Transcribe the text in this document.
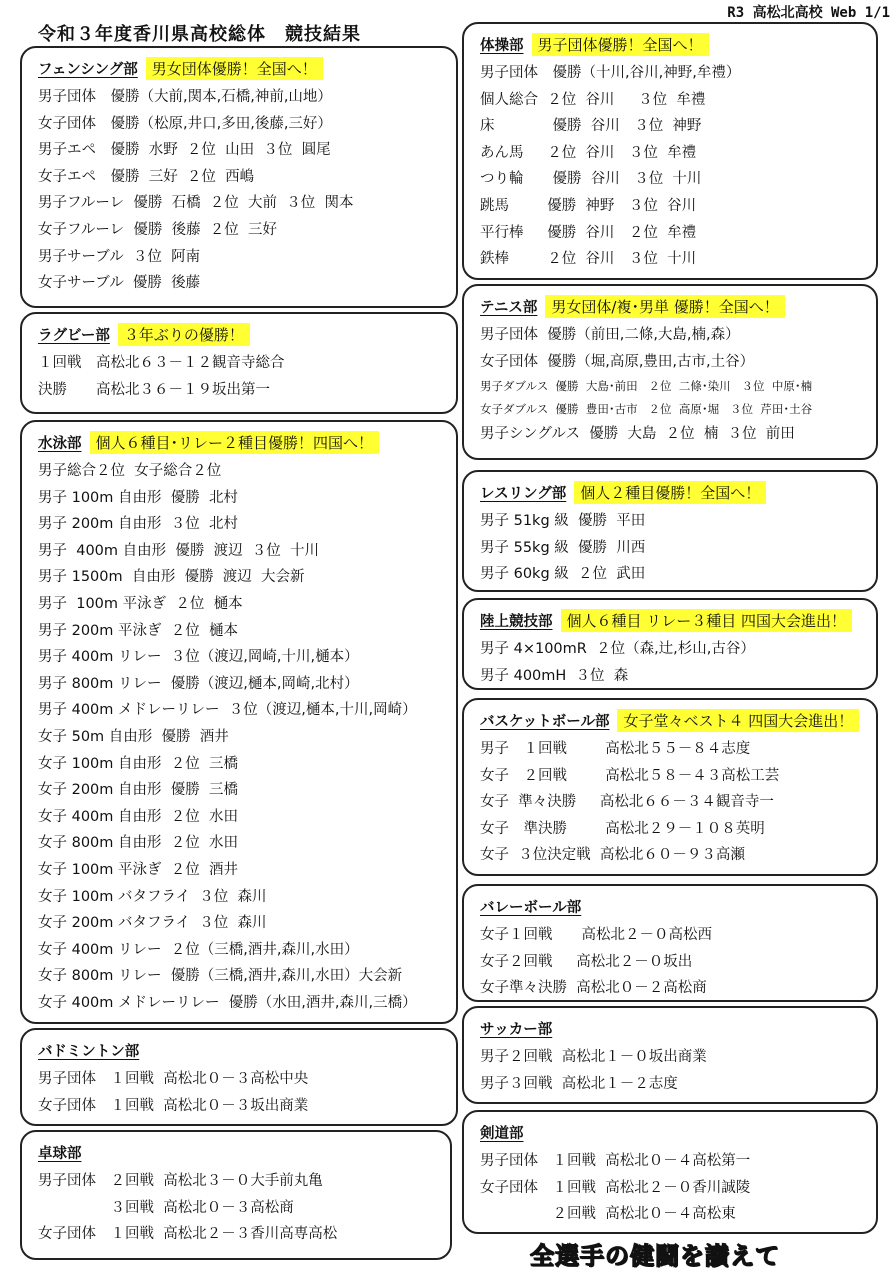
R3 高松北高校 Web 1/1
令和３年度香川県高校総体　競技結果
フェンシング部 男女団体優勝！全国へ！
男子団体　優勝（大前,関本,石橋,神前,山地）
女子団体　優勝（松原,井口,多田,後藤,三好）
男子エペ　優勝  水野  ２位  山田  ３位  圓尾
女子エペ　優勝  三好  ２位  西嶋
男子フルーレ  優勝  石橋  ２位  大前  ３位  関本
女子フルーレ  優勝  後藤  ２位  三好
男子サーブル  ３位  阿南
女子サーブル  優勝  後藤
ラグビー部 ３年ぶりの優勝！
１回戦　高松北６３－１２観音寺総合
決勝　　高松北３６－１９坂出第一
水泳部 個人６種目･リレー２種目優勝！四国へ！
男子総合２位  女子総合２位
男子 100m 自由形  優勝  北村
男子 200m 自由形  ３位  北村
男子  400m 自由形  優勝  渡辺  ３位  十川
男子 1500m  自由形  優勝  渡辺  大会新
男子  100m 平泳ぎ  ２位  樋本
男子 200m 平泳ぎ  ２位  樋本
男子 400m リレー  ３位（渡辺,岡崎,十川,樋本）
男子 800m リレー  優勝（渡辺,樋本,岡崎,北村）
男子 400m メドレーリレー  ３位（渡辺,樋本,十川,岡崎）
女子 50m 自由形  優勝  酒井
女子 100m 自由形  ２位  三橋
女子 200m 自由形  優勝  三橋
女子 400m 自由形  ２位  水田
女子 800m 自由形  ２位  水田
女子 100m 平泳ぎ  ２位  酒井
女子 100m バタフライ  ３位  森川
女子 200m バタフライ  ３位  森川
女子 400m リレー  ２位（三橋,酒井,森川,水田）
女子 800m リレー  優勝（三橋,酒井,森川,水田）大会新
女子 400m メドレーリレー  優勝（水田,酒井,森川,三橋）
バドミントン部
男子団体　１回戦  高松北０－３高松中央
女子団体　１回戦  高松北０－３坂出商業
卓球部
男子団体　２回戦  高松北３－０大手前丸亀
　　　　　３回戦  高松北０－３高松商
女子団体　１回戦  高松北２－３香川高専高松
体操部 男子団体優勝！全国へ！
男子団体　優勝（十川,谷川,神野,牟禮）
個人総合  ２位  谷川　  ３位  牟禮
床　　　　優勝  谷川　３位  神野
あん馬　  ２位  谷川　３位  牟禮
つり輪　　優勝  谷川　３位  十川
跳馬　　  優勝  神野　３位  谷川
平行棒　  優勝  谷川　２位  牟禮
鉄棒　　  ２位  谷川　３位  十川
テニス部 男女団体/複･男単 優勝！全国へ！
男子団体  優勝（前田,二條,大島,楠,森）
女子団体  優勝（堀,高原,豊田,古市,土谷）
男子ダブルス  優勝  大島･前田   ２位  二條･染川   ３位  中原･楠
女子ダブルス  優勝  豊田･古市   ２位  高原･堀   ３位  芹田･土谷
男子シングルス  優勝  大島  ２位  楠  ３位  前田
レスリング部 個人２種目優勝！全国へ！
男子 51kg 級  優勝  平田
男子 55kg 級  優勝  川西
男子 60kg 級  ２位  武田
陸上競技部 個人６種目 リレー３種目 四国大会進出！
男子 4×100mR  ２位（森,辻,杉山,古谷）
男子 400mH  ３位  森
バスケットボール部 女子堂々ベスト４ 四国大会進出！
男子　１回戦　　  高松北５５－８４志度
女子　２回戦　　  高松北５８－４３高松工芸
女子  準々決勝　  高松北６６－３４観音寺一
女子　準決勝　　  高松北２９－１０８英明
女子  ３位決定戦  高松北６０－９３高瀬
バレーボール部
女子１回戦　　高松北２－０高松西
女子２回戦　  高松北２－０坂出
女子準々決勝  高松北０－２高松商
サッカー部
男子２回戦  高松北１－０坂出商業
男子３回戦  高松北１－２志度
剣道部
男子団体　１回戦  高松北０－４高松第一
女子団体　１回戦  高松北２－０香川誠陵
　　　　　２回戦  高松北０－４高松東
全選手の健闘を讃えて
